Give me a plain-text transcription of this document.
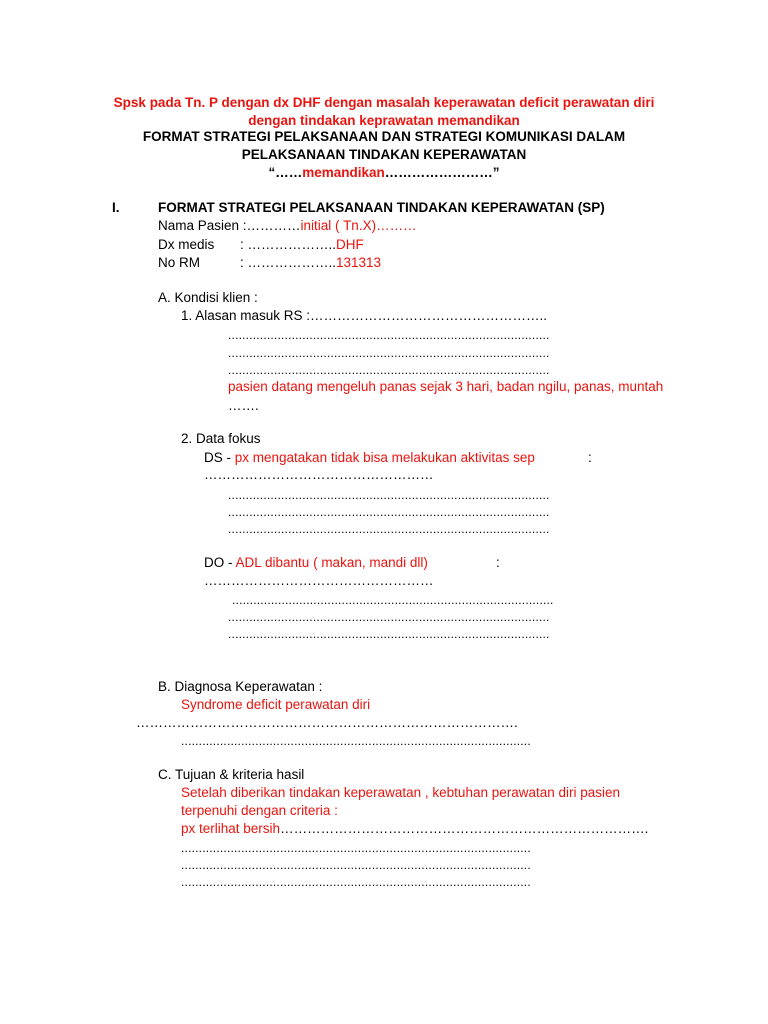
Spsk pada Tn. P dengan dx DHF dengan masalah keperawatan deficit perawatan diri
dengan tindakan keprawatan memandikan
FORMAT STRATEGI PELAKSANAAN DAN STRATEGI KOMUNIKASI DALAM
PELAKSANAAN TINDAKAN KEPERAWATAN
“……memandikan……………………”
I.	FORMAT STRATEGI PELAKSANAAN TINDAKAN KEPERAWATAN (SP)
Nama Pasien :…………initial ( Tn.X)………
Dx medis : ………………..DHF
No RM	: ………………..131313
A. Kondisi klien :
1. Alasan masuk RS :……………………………………………..
...........................................................................................
...........................................................................................
...........................................................................................
pasien datang mengeluh panas sejak 3 hari, badan ngilu, panas, muntah
…….
2. Data fokus
DS - px mengatakan tidak bisa melakukan aktivitas sep	:
……………………………………………
...........................................................................................
...........................................................................................
...........................................................................................
DO - ADL dibantu ( makan, mandi dll)	:
……………………………………………
...........................................................................................
...........................................................................................
...........................................................................................
B. Diagnosa Keperawatan :
Syndrome deficit perawatan diri
………………………………………………………………………….
...................................................................................................
C. Tujuan & kriteria hasil
Setelah diberikan tindakan keperawatan , kebtuhan perawatan diri pasien
terpenuhi dengan criteria :
px terlihat bersih……………………………………………………………………….
...................................................................................................
...................................................................................................
...................................................................................................
